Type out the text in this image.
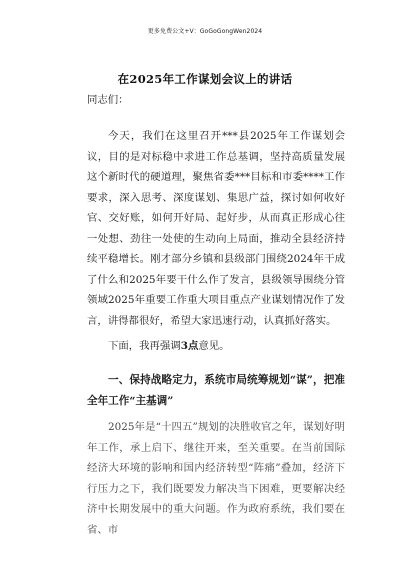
更多免费公文+V：GoGoGongWen2024
在2025年工作谋划会议上的讲话
同志们：
今天，我们在这里召开***县2025年工作谋划会议，目的是对标稳中求进工作总基调，坚持高质量发展这个新时代的硬道理，聚焦省委***目标和市委****工作要求，深入思考、深度谋划、集思广益，探讨如何收好官、交好账，如何开好局、起好步，从而真正形成心往一处想、劲往一处使的生动向上局面，推动全县经济持续平稳增长。刚才部分乡镇和县级部门围绕2024年干成了什么和2025年要干什么作了发言，县级领导围绕分管领域2025年重要工作重大项目重点产业谋划情况作了发言，讲得都很好，希望大家迅速行动，认真抓好落实。
下面，我再强调3点意见。
一、保持战略定力，系统市局统筹规划“谋”，把准全年工作“主基调”
2025年是“十四五”规划的决胜收官之年，谋划好明年工作，承上启下、继往开来，至关重要。在当前国际经济大环境的影响和国内经济转型“阵痛”叠加，经济下行压力之下，我们既要发力解决当下困难，更要解决经济中长期发展中的重大问题。作为政府系统，我们要在省、市
